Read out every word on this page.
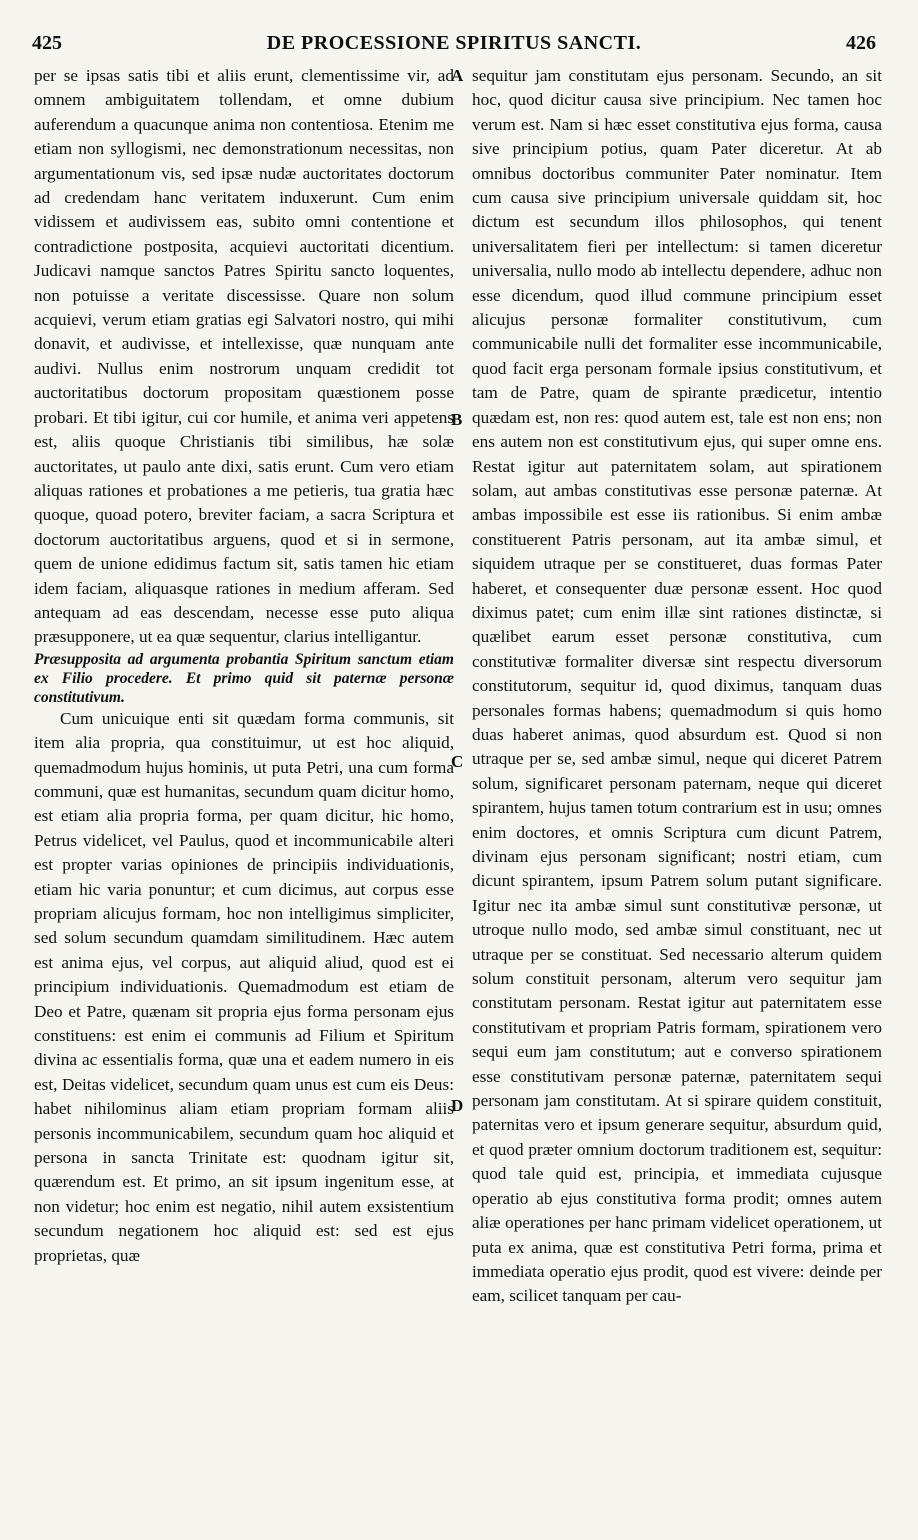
425	DE PROCESSIONE SPIRITUS SANCTI.	426

per se ipsas satis tibi et aliis erunt, clementissime vir, ad omnem ambiguitatem tollendam, et omne dubium auferendum a quacunque anima non contentiosa. Etenim me etiam non syllogismi, nec demonstrationum necessitas, non argumentationum vis, sed ipsæ nudæ auctoritates doctorum ad credendam hanc veritatem induxerunt. Cum enim vidissem et audivissem eas, subito omni contentione et contradictione postposita, acquievi auctoritati dicentium. Judicavi namque sanctos Patres Spiritu sancto loquentes, non potuisse a veritate discessisse. Quare non solum acquievi, verum etiam gratias egi Salvatori nostro, qui mihi donavit, et audivisse, et intellexisse, quæ nunquam ante audivi. Nullus enim nostrorum unquam credidit tot auctoritatibus doctorum propositam quæstionem posse probari. Et tibi igitur, cui cor humile, et anima veri appetens est, aliis quoque Christianis tibi similibus, hæ solæ auctoritates, ut paulo ante dixi, satis erunt. Cum vero etiam aliquas rationes et probationes a me petieris, tua gratia hæc quoque, quoad potero, breviter faciam, a sacra Scriptura et doctorum auctoritatibus arguens, quod et si in sermone, quem de unione edidimus factum sit, satis tamen hic etiam idem faciam, aliquasque rationes in medium afferam. Sed antequam ad eas descendam, necesse esse puto aliqua præsupponere, ut ea quæ sequentur, clarius intelligantur.

Præsupposita ad argumenta probantia Spiritum sanctum etiam ex Filio procedere. Et primo quid sit paternæ personæ constitutivum.

Cum unicuique enti sit quædam forma communis, sit item alia propria, qua constituimur, ut est hoc aliquid, quemadmodum hujus hominis, ut puta Petri, una cum forma communi, quæ est humanitas, secundum quam dicitur homo, est etiam alia propria forma, per quam dicitur, hic homo, Petrus videlicet, vel Paulus, quod et incommunicabile alteri est propter varias opiniones de principiis individuationis, etiam hic varia ponuntur; et cum dicimus, aut corpus esse propriam alicujus formam, hoc non intelligimus simpliciter, sed solum secundum quamdam similitudinem. Hæc autem est anima ejus, vel corpus, aut aliquid aliud, quod est ei principium individuationis. Quemadmodum est etiam de Deo et Patre, quænam sit propria ejus forma personam ejus constituens: est enim ei communis ad Filium et Spiritum divina ac essentialis forma, quæ una et eadem numero in eis est, Deitas videlicet, secundum quam unus est cum eis Deus: habet nihilominus aliam etiam propriam formam aliis personis incommunicabilem, secundum quam hoc aliquid et persona in sancta Trinitate est: quodnam igitur sit, quærendum est. Et primo, an sit ipsum ingenitum esse, at non videtur; hoc enim est negatio, nihil autem exsistentium secundum negationem hoc aliquid est: sed est ejus proprietas, quæ

A
B
C
D

sequitur jam constitutam ejus personam. Secundo, an sit hoc, quod dicitur causa sive principium. Nec tamen hoc verum est. Nam si hæc esset constitutiva ejus forma, causa sive principium potius, quam Pater diceretur. At ab omnibus doctoribus communiter Pater nominatur. Item cum causa sive principium universale quiddam sit, hoc dictum est secundum illos philosophos, qui tenent universalitatem fieri per intellectum: si tamen diceretur universalia, nullo modo ab intellectu dependere, adhuc non esse dicendum, quod illud commune principium esset alicujus personæ formaliter constitutivum, cum communicabile nulli det formaliter esse incommunicabile, quod facit erga personam formale ipsius constitutivum, et tam de Patre, quam de spirante prædicetur, intentio quædam est, non res: quod autem est, tale est non ens; non ens autem non est constitutivum ejus, qui super omne ens. Restat igitur aut paternitatem solam, aut spirationem solam, aut ambas constitutivas esse personæ paternæ. At ambas impossibile est esse iis rationibus. Si enim ambæ constituerent Patris personam, aut ita ambæ simul, et siquidem utraque per se constitueret, duas formas Pater haberet, et consequenter duæ personæ essent. Hoc quod diximus patet; cum enim illæ sint rationes distinctæ, si quælibet earum esset personæ constitutiva, cum constitutivæ formaliter diversæ sint respectu diversorum constitutorum, sequitur id, quod diximus, tanquam duas personales formas habens; quemadmodum si quis homo duas haberet animas, quod absurdum est. Quod si non utraque per se, sed ambæ simul, neque qui diceret Patrem solum, significaret personam paternam, neque qui diceret spirantem, hujus tamen totum contrarium est in usu; omnes enim doctores, et omnis Scriptura cum dicunt Patrem, divinam ejus personam significant; nostri etiam, cum dicunt spirantem, ipsum Patrem solum putant significare. Igitur nec ita ambæ simul sunt constitutivæ personæ, ut utroque nullo modo, sed ambæ simul constituant, nec ut utraque per se constituat. Sed necessario alterum quidem solum constituit personam, alterum vero sequitur jam constitutam personam. Restat igitur aut paternitatem esse constitutivam et propriam Patris formam, spirationem vero sequi eum jam constitutum; aut e converso spirationem esse constitutivam personæ paternæ, paternitatem sequi personam jam constitutam. At si spirare quidem constituit, paternitas vero et ipsum generare sequitur, absurdum quid, et quod præter omnium doctorum traditionem est, sequitur: quod tale quid est, principia, et immediata cujusque operatio ab ejus constitutiva forma prodit; omnes autem aliæ operationes per hanc primam videlicet operationem, ut puta ex anima, quæ est constitutiva Petri forma, prima et immediata operatio ejus prodit, quod est vivere: deinde per eam, scilicet tanquam per cau-
